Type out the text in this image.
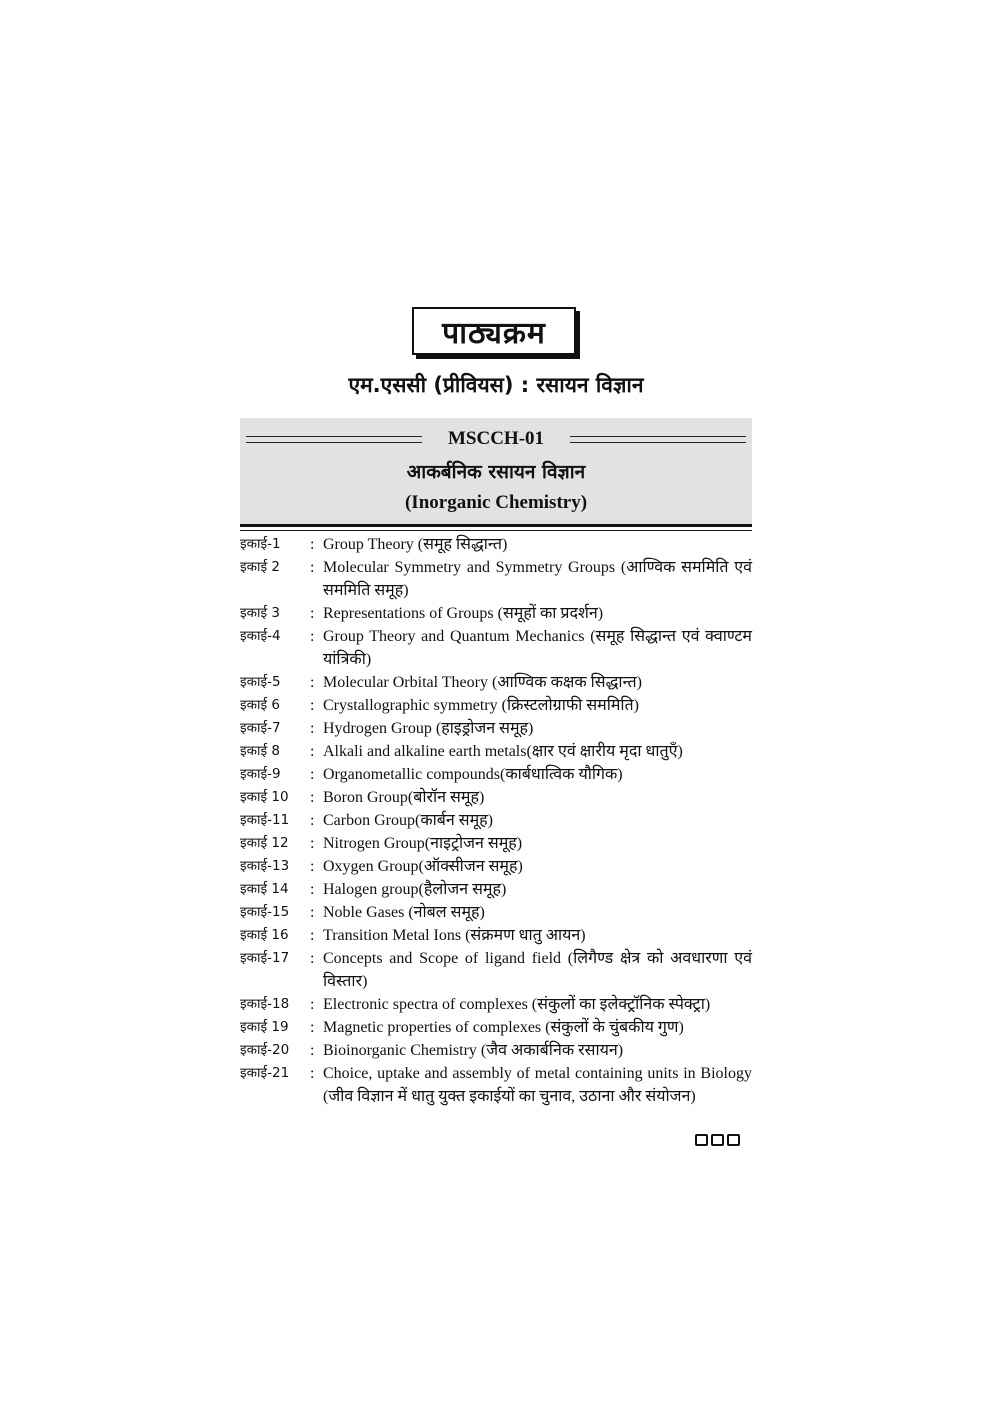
पाठ्यक्रम
एम.एससी (प्रीवियस) : रसायन विज्ञान
MSCCH-01
आकर्बनिक रसायन विज्ञान
(Inorganic Chemistry)
इकाई-1	: Group Theory (समूह सिद्धान्त)
इकाई 2	: Molecular Symmetry and Symmetry Groups (आण्विक सममिति एवं सममिति समूह)
इकाई 3	: Representations of Groups (समूहों का प्रदर्शन)
इकाई-4	: Group Theory and Quantum Mechanics (समूह सिद्धान्त एवं क्वाण्टम यांत्रिकी)
इकाई-5	: Molecular Orbital Theory (आण्विक कक्षक सिद्धान्त)
इकाई 6	: Crystallographic symmetry (क्रिस्टलोग्राफी सममिति)
इकाई-7	: Hydrogen Group (हाइड्रोजन समूह)
इकाई 8	: Alkali and alkaline earth metals(क्षार एवं क्षारीय मृदा धातुएँ)
इकाई-9	: Organometallic compounds(कार्बधात्विक यौगिक)
इकाई 10	: Boron Group(बोरॉन समूह)
इकाई-11	: Carbon Group(कार्बन समूह)
इकाई 12	: Nitrogen Group(नाइट्रोजन समूह)
इकाई-13	: Oxygen Group(ऑक्सीजन समूह)
इकाई 14	: Halogen group(हैलोजन समूह)
इकाई-15	: Noble Gases (नोबल समूह)
इकाई 16	: Transition Metal Ions (संक्रमण धातु आयन)
इकाई-17	: Concepts and Scope of ligand field (लिगैण्ड क्षेत्र को अवधारणा एवं विस्तार)
इकाई-18	: Electronic spectra of complexes (संकुलों का इलेक्ट्रॉनिक स्पेक्ट्रा)
इकाई 19	: Magnetic properties of complexes (संकुलों के चुंबकीय गुण)
इकाई-20	: Bioinorganic Chemistry (जैव अकार्बनिक रसायन)
इकाई-21	: Choice, uptake and assembly of metal containing units in Biology (जीव विज्ञान में धातु युक्त इकाईयों का चुनाव, उठाना और संयोजन)
